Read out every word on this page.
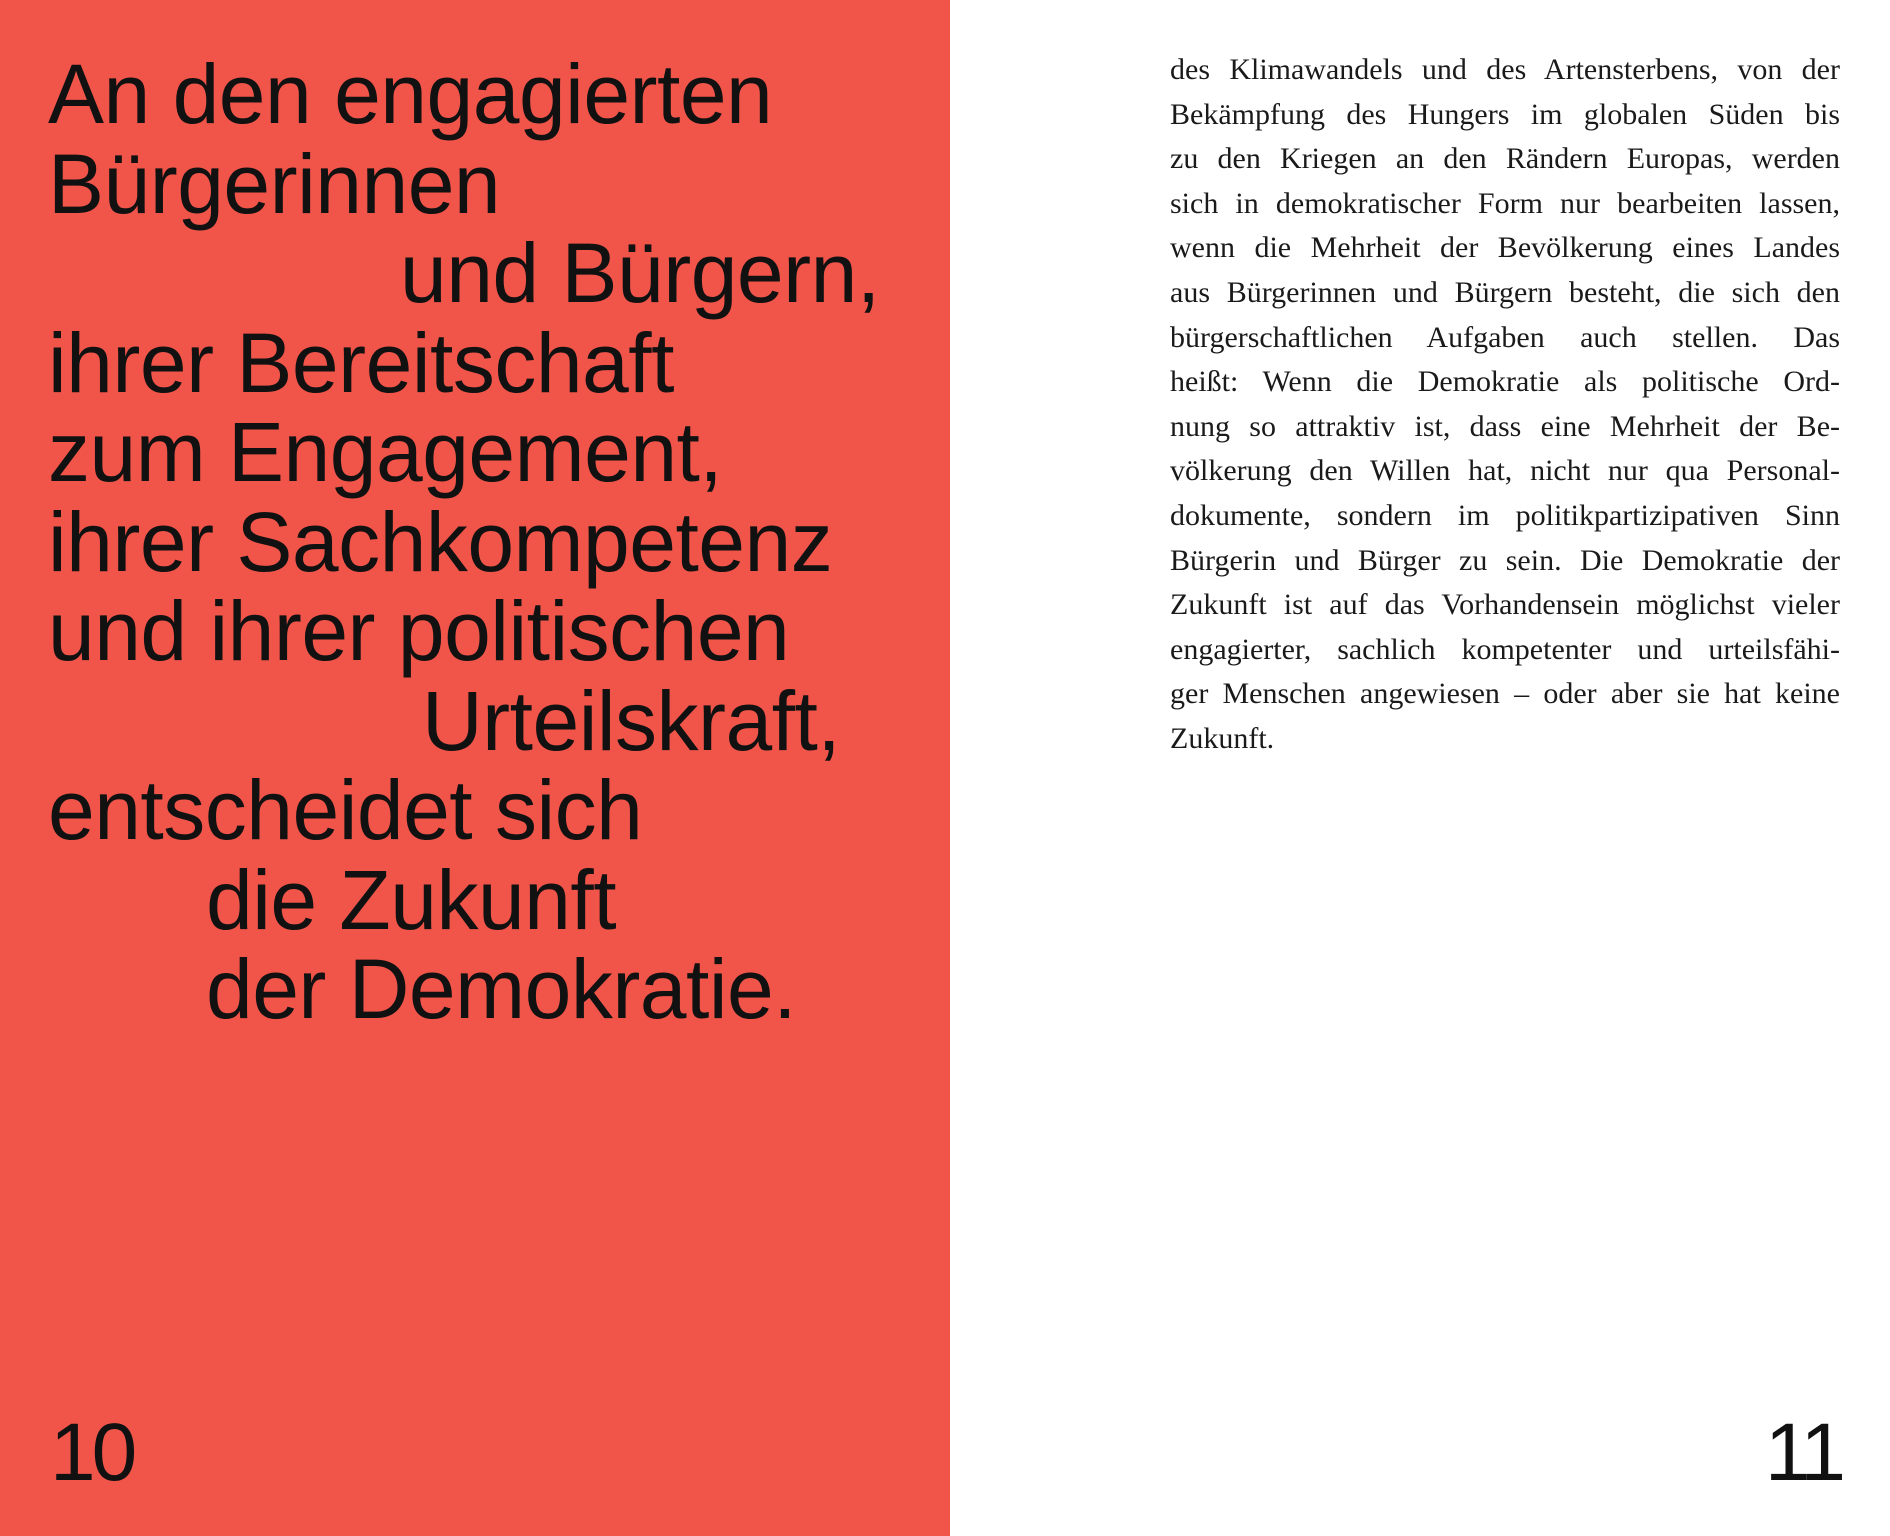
An den engagierten
Bürgerinnen
und Bürgern,
ihrer Bereitschaft
zum Engagement,
ihrer Sachkompetenz
und ihrer politischen
Urteilskraft,
entscheidet sich
die Zukunft
der Demokratie.
10	11

des Klimawandels und des Artensterbens, von der
Bekämpfung des Hungers im globalen Süden bis
zu den Kriegen an den Rändern Europas, werden
sich in demokratischer Form nur bearbeiten lassen,
wenn die Mehrheit der Bevölkerung eines Landes
aus Bürgerinnen und Bürgern besteht, die sich den
bürgerschaftlichen Aufgaben auch stellen. Das
heißt: Wenn die Demokratie als politische Ord-
nung so attraktiv ist, dass eine Mehrheit der Be-
völkerung den Willen hat, nicht nur qua Personal-
dokumente, sondern im politikpartizipativen Sinn
Bürgerin und Bürger zu sein. Die Demokratie der
Zukunft ist auf das Vorhandensein möglichst vieler
engagierter, sachlich kompetenter und urteilsfähi-
ger Menschen angewiesen – oder aber sie hat keine
Zukunft.
